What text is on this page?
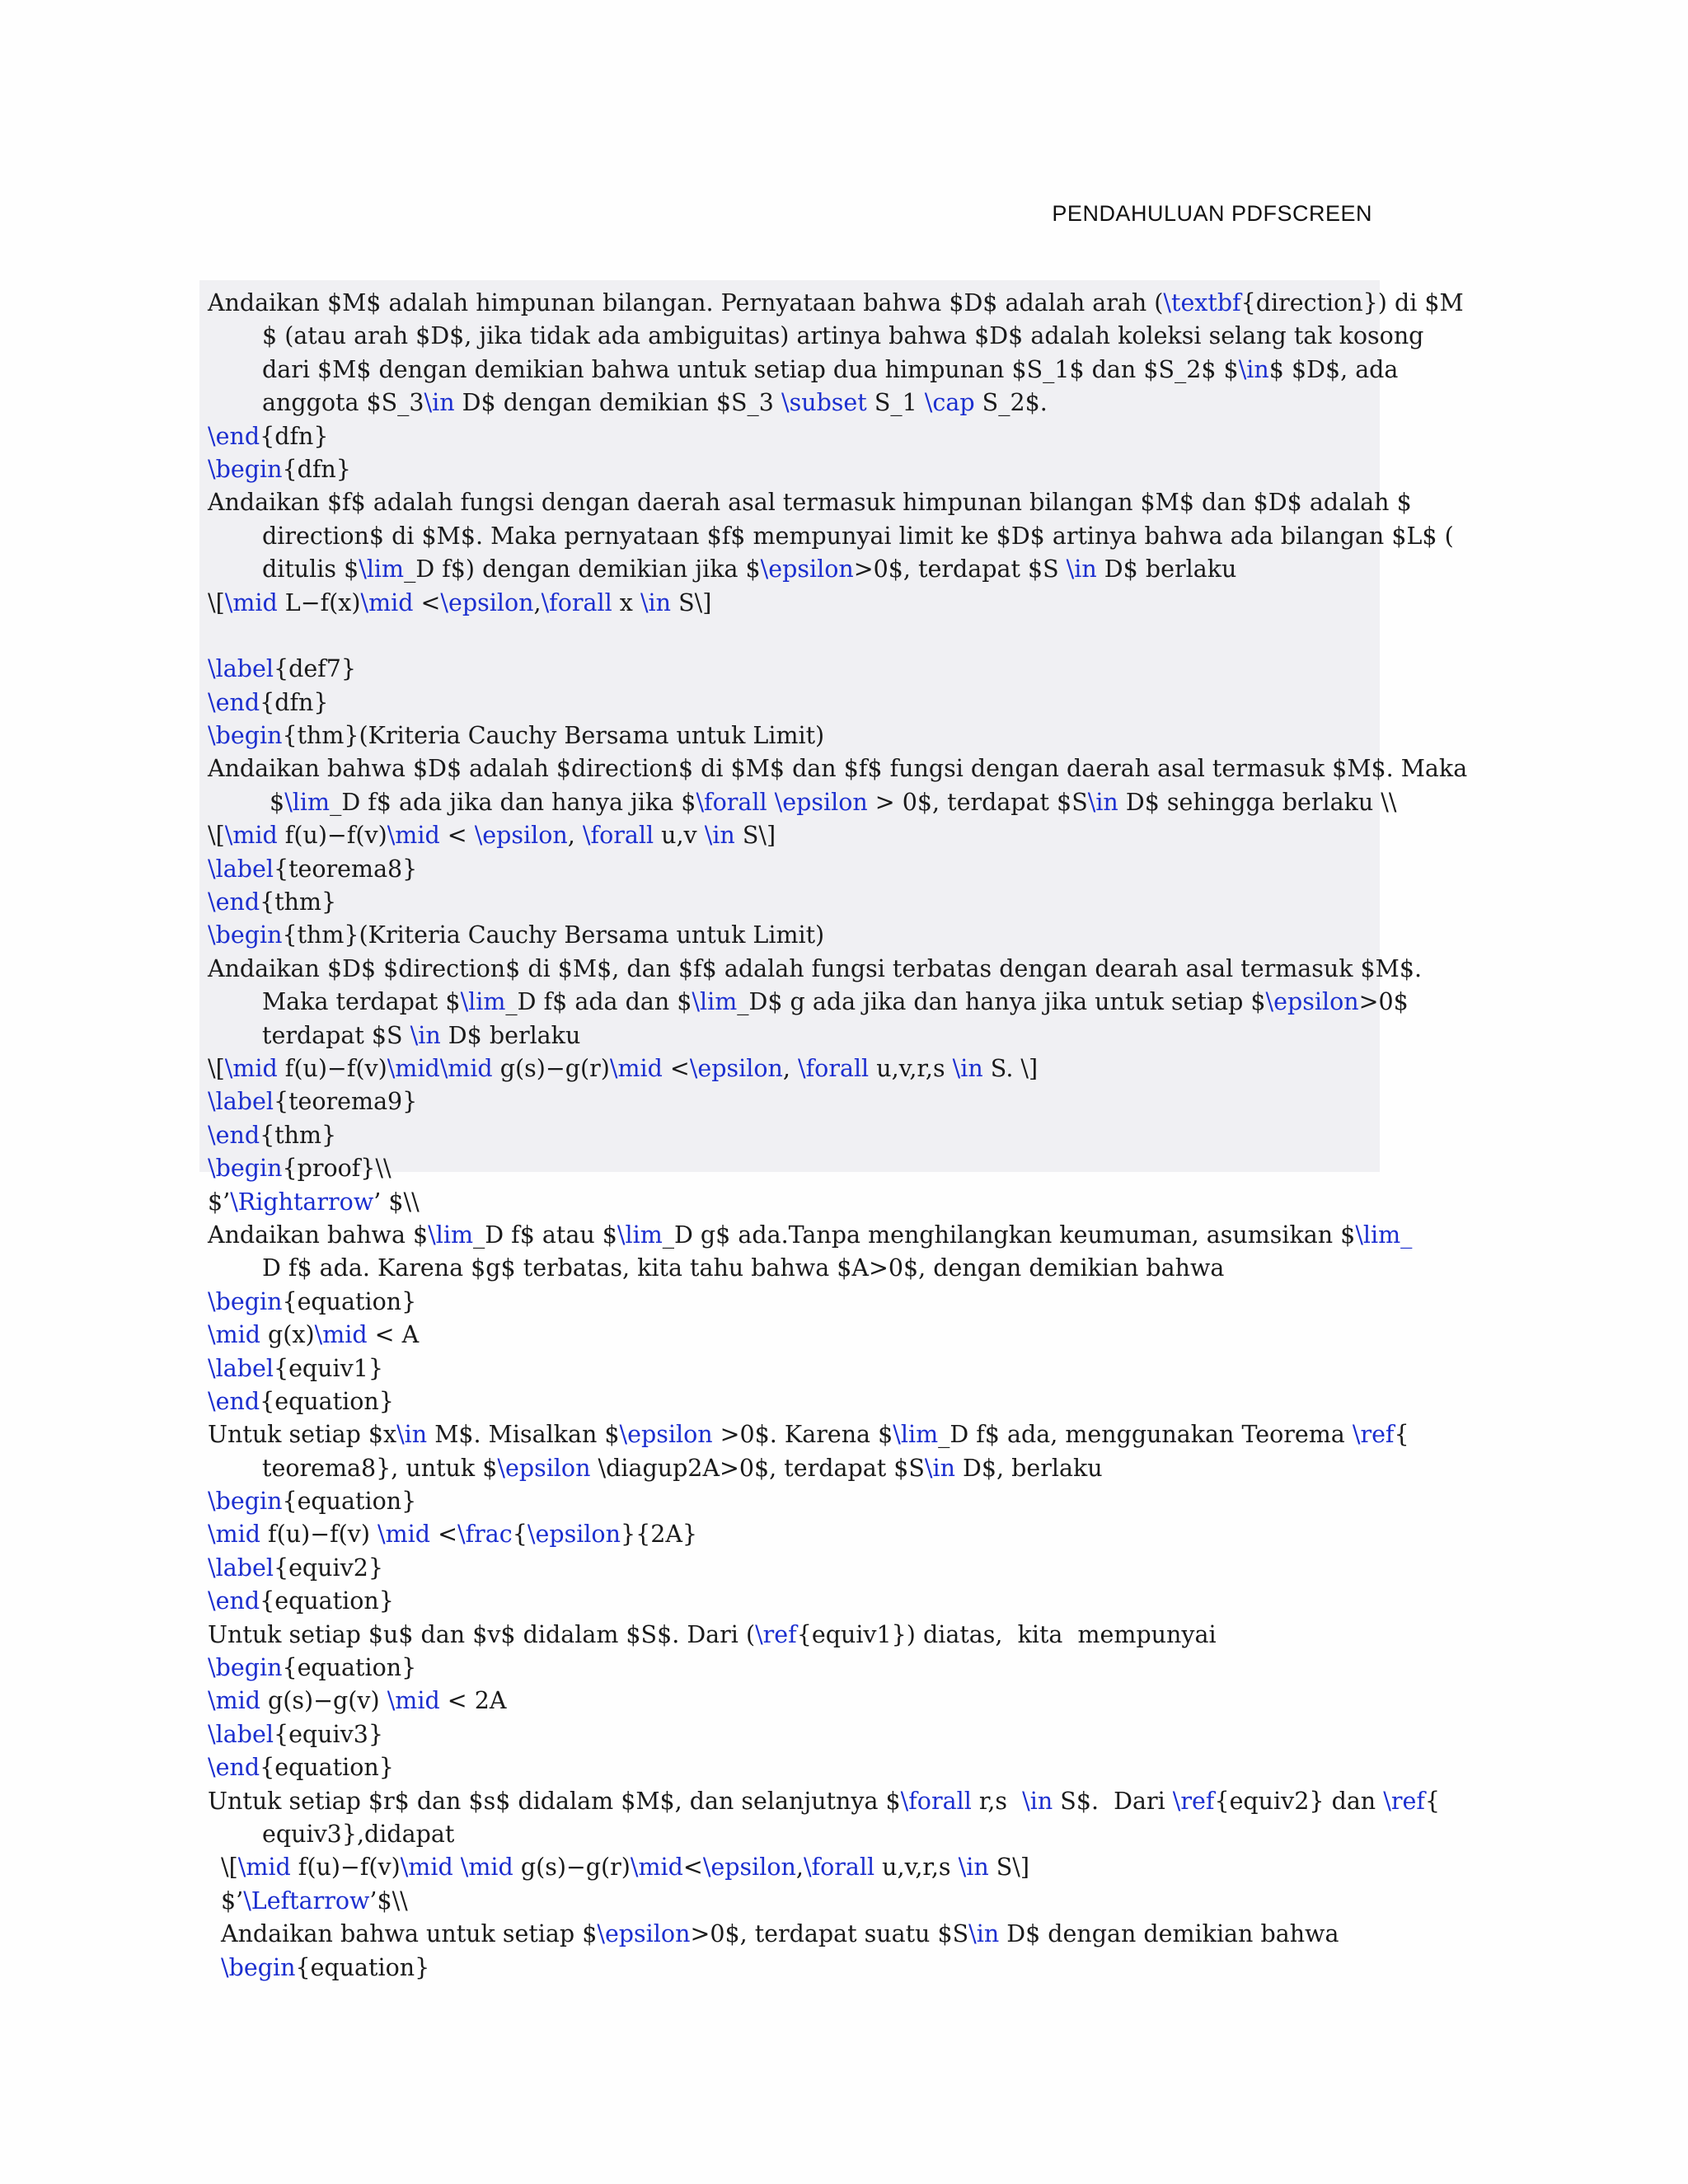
PENDAHULUAN PDFSCREEN
Andaikan $M$ adalah himpunan bilangan. Pernyataan bahwa $D$ adalah arah (\textbf{direction}) di $M
$ (atau arah $D$, jika tidak ada ambiguitas) artinya bahwa $D$ adalah koleksi selang tak kosong
dari $M$ dengan demikian bahwa untuk setiap dua himpunan $S_1$ dan $S_2$ $\in$ $D$, ada
anggota $S_3\in D$ dengan demikian $S_3 \subset S_1 \cap S_2$.
\end{dfn}
\begin{dfn}
Andaikan $f$ adalah fungsi dengan daerah asal termasuk himpunan bilangan $M$ dan $D$ adalah $
direction$ di $M$. Maka pernyataan $f$ mempunyai limit ke $D$ artinya bahwa ada bilangan $L$ (
ditulis $\lim_D f$) dengan demikian jika $\epsilon>0$, terdapat $S \in D$ berlaku
\[\mid L−f(x)\mid <\epsilon,\forall x \in S\]

\label{def7}
\end{dfn}
\begin{thm}(Kriteria Cauchy Bersama untuk Limit)
Andaikan bahwa $D$ adalah $direction$ di $M$ dan $f$ fungsi dengan daerah asal termasuk $M$. Maka
$\lim_D f$ ada jika dan hanya jika $\forall \epsilon > 0$, terdapat $S\in D$ sehingga berlaku \\
\[\mid f(u)−f(v)\mid < \epsilon, \forall u,v \in S\]
\label{teorema8}
\end{thm}
\begin{thm}(Kriteria Cauchy Bersama untuk Limit)
Andaikan $D$ $direction$ di $M$, dan $f$ adalah fungsi terbatas dengan dearah asal termasuk $M$.
Maka terdapat $\lim_D f$ ada dan $\lim_D$ g ada jika dan hanya jika untuk setiap $\epsilon>0$
terdapat $S \in D$ berlaku
\[\mid f(u)−f(v)\mid\mid g(s)−g(r)\mid <\epsilon, \forall u,v,r,s \in S. \]
\label{teorema9}
\end{thm}
\begin{proof}\\
$’\Rightarrow’ $\\
Andaikan bahwa $\lim_D f$ atau $\lim_D g$ ada.Tanpa menghilangkan keumuman, asumsikan $\lim_
D f$ ada. Karena $g$ terbatas, kita tahu bahwa $A>0$, dengan demikian bahwa
\begin{equation}
\mid g(x)\mid < A
\label{equiv1}
\end{equation}
Untuk setiap $x\in M$. Misalkan $\epsilon >0$. Karena $\lim_D f$ ada, menggunakan Teorema \ref{
teorema8}, untuk $\epsilon \diagup2A>0$, terdapat $S\in D$, berlaku
\begin{equation}
\mid f(u)−f(v) \mid <\frac{\epsilon}{2A}
\label{equiv2}
\end{equation}
Untuk setiap $u$ dan $v$ didalam $S$. Dari (\ref{equiv1}) diatas,  kita  mempunyai
\begin{equation}
\mid g(s)−g(v) \mid < 2A
\label{equiv3}
\end{equation}
Untuk setiap $r$ dan $s$ didalam $M$, dan selanjutnya $\forall r,s  \in S$.  Dari \ref{equiv2} dan \ref{
equiv3},didapat
\[\mid f(u)−f(v)\mid \mid g(s)−g(r)\mid<\epsilon,\forall u,v,r,s \in S\]
$’\Leftarrow’$\\
Andaikan bahwa untuk setiap $\epsilon>0$, terdapat suatu $S\in D$ dengan demikian bahwa
\begin{equation}
